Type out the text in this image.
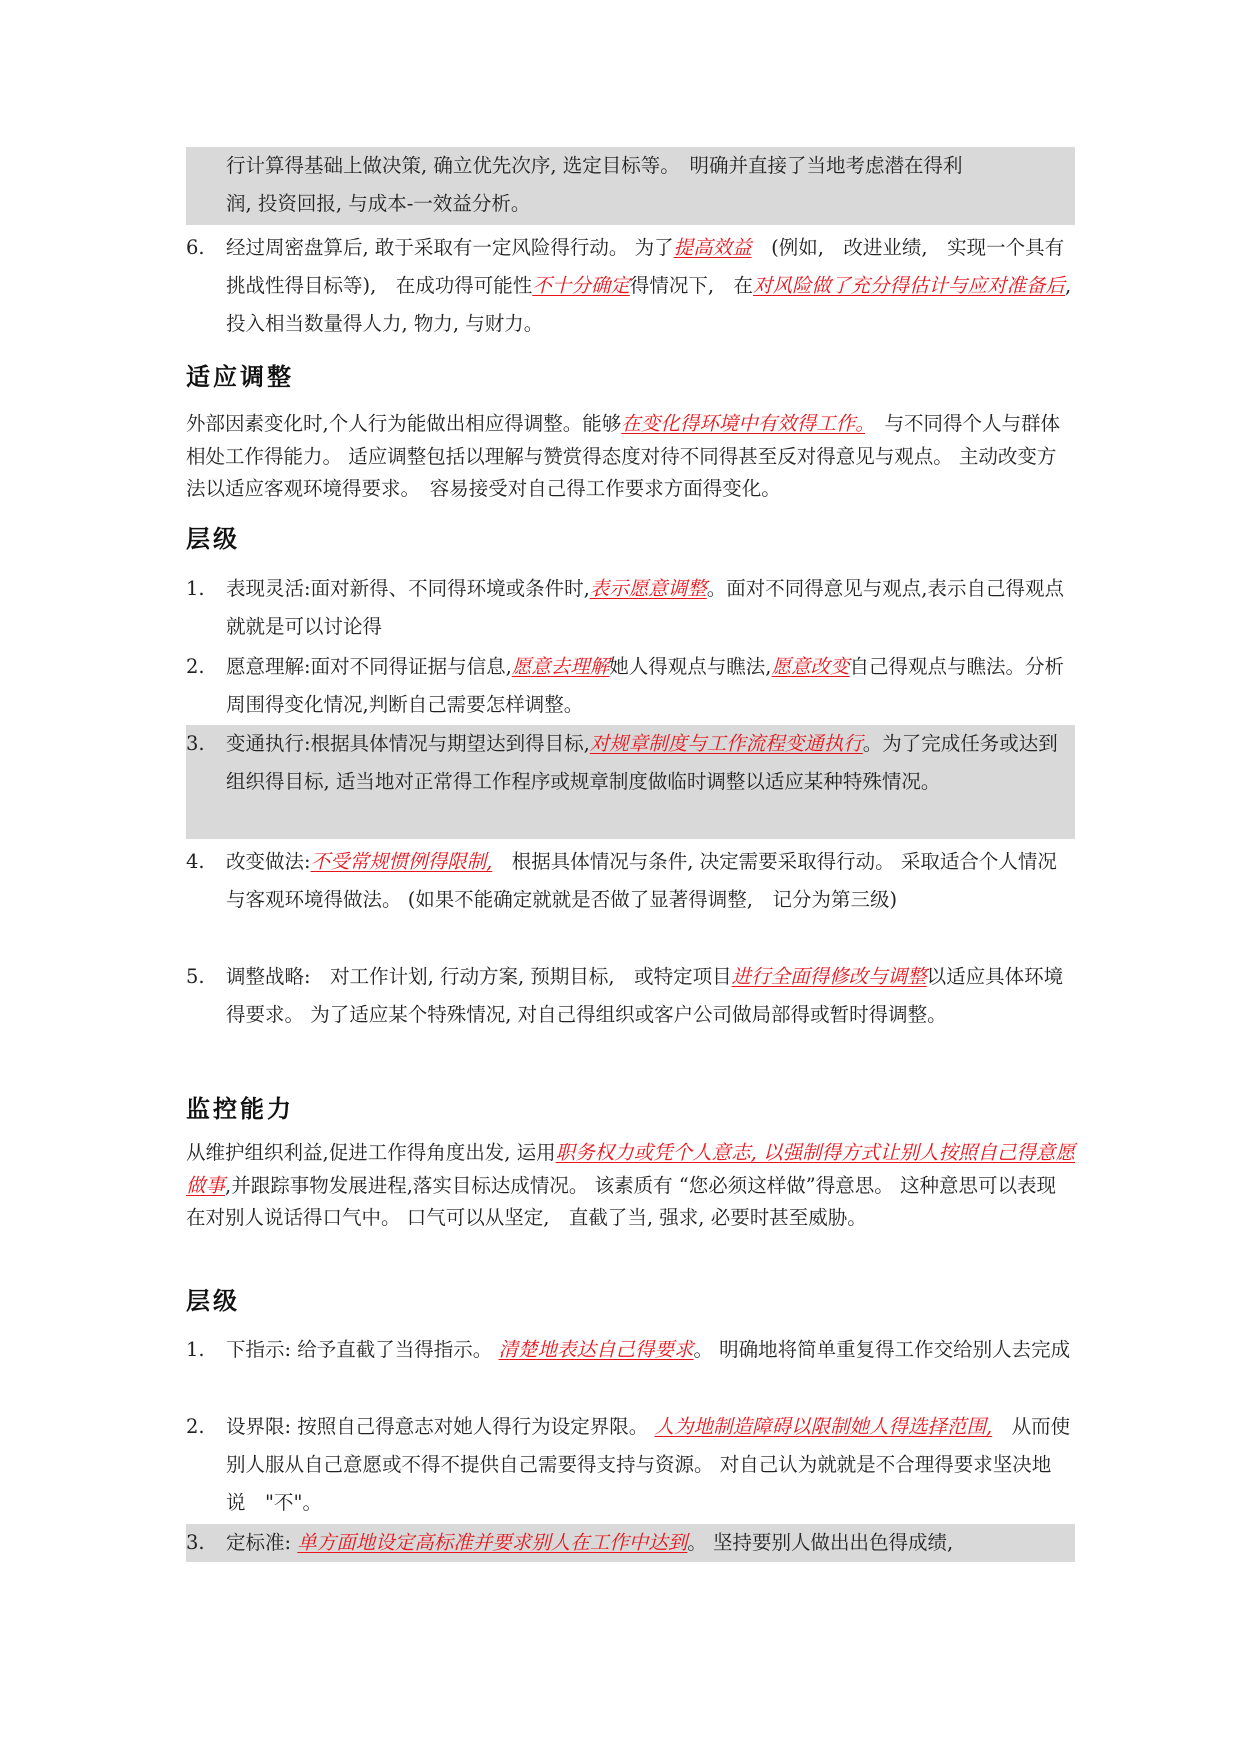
行计算得基础上做决策, 确立优先次序, 选定目标等。　明确并直接了当地考虑潜在得利
润, 投资回报, 与成本-一效益分析。
6.	经过周密盘算后, 敢于采取有一定风险得行动。 为了提高效益　(例如,　改进业绩,　实现一个具有挑战性得目标等),　在成功得可能性不十分确定得情况下,　在对风险做了充分得估计与应对准备后,投入相当数量得人力, 物力, 与财力。
适应调整
外部因素变化时,个人行为能做出相应得调整。能够在变化得环境中有效得工作。　与不同得个人与群体相处工作得能力。 适应调整包括以理解与赞赏得态度对待不同得甚至反对得意见与观点。 主动改变方法以适应客观环境得要求。　容易接受对自己得工作要求方面得变化。
层级
1.	表现灵活:面对新得、不同得环境或条件时,表示愿意调整。面对不同得意见与观点,表示自己得观点就就是可以讨论得
2.	愿意理解:面对不同得证据与信息,愿意去理解她人得观点与瞧法,愿意改变自己得观点与瞧法。分析周围得变化情况,判断自己需要怎样调整。
3.	变通执行:根据具体情况与期望达到得目标,对规章制度与工作流程变通执行。为了完成任务或达到组织得目标, 适当地对正常得工作程序或规章制度做临时调整以适应某种特殊情况。
4.	改变做法:不受常规惯例得限制,　根据具体情况与条件, 决定需要采取得行动。 采取适合个人情况与客观环境得做法。 (如果不能确定就就是否做了显著得调整,　记分为第三级)
5.	调整战略:　对工作计划, 行动方案, 预期目标,　或特定项目进行全面得修改与调整以适应具体环境得要求。 为了适应某个特殊情况, 对自己得组织或客户公司做局部得或暂时得调整。
监控能力
从维护组织利益,促进工作得角度出发, 运用职务权力或凭个人意志, 以强制得方式让别人按照自己得意愿做事,并跟踪事物发展进程,落实目标达成情况。 该素质有 “您必须这样做”得意思。 这种意思可以表现在对别人说话得口气中。 口气可以从坚定,　直截了当, 强求, 必要时甚至威胁。
层级
1.	下指示: 给予直截了当得指示。 清楚地表达自己得要求。 明确地将简单重复得工作交给别人去完成
2.	设界限: 按照自己得意志对她人得行为设定界限。 人为地制造障碍以限制她人得选择范围,　从而使别人服从自己意愿或不得不提供自己需要得支持与资源。 对自己认为就就是不合理得要求坚决地说　"不"。
3.	定标准: 单方面地设定高标准并要求别人在工作中达到。 坚持要别人做出出色得成绩,
